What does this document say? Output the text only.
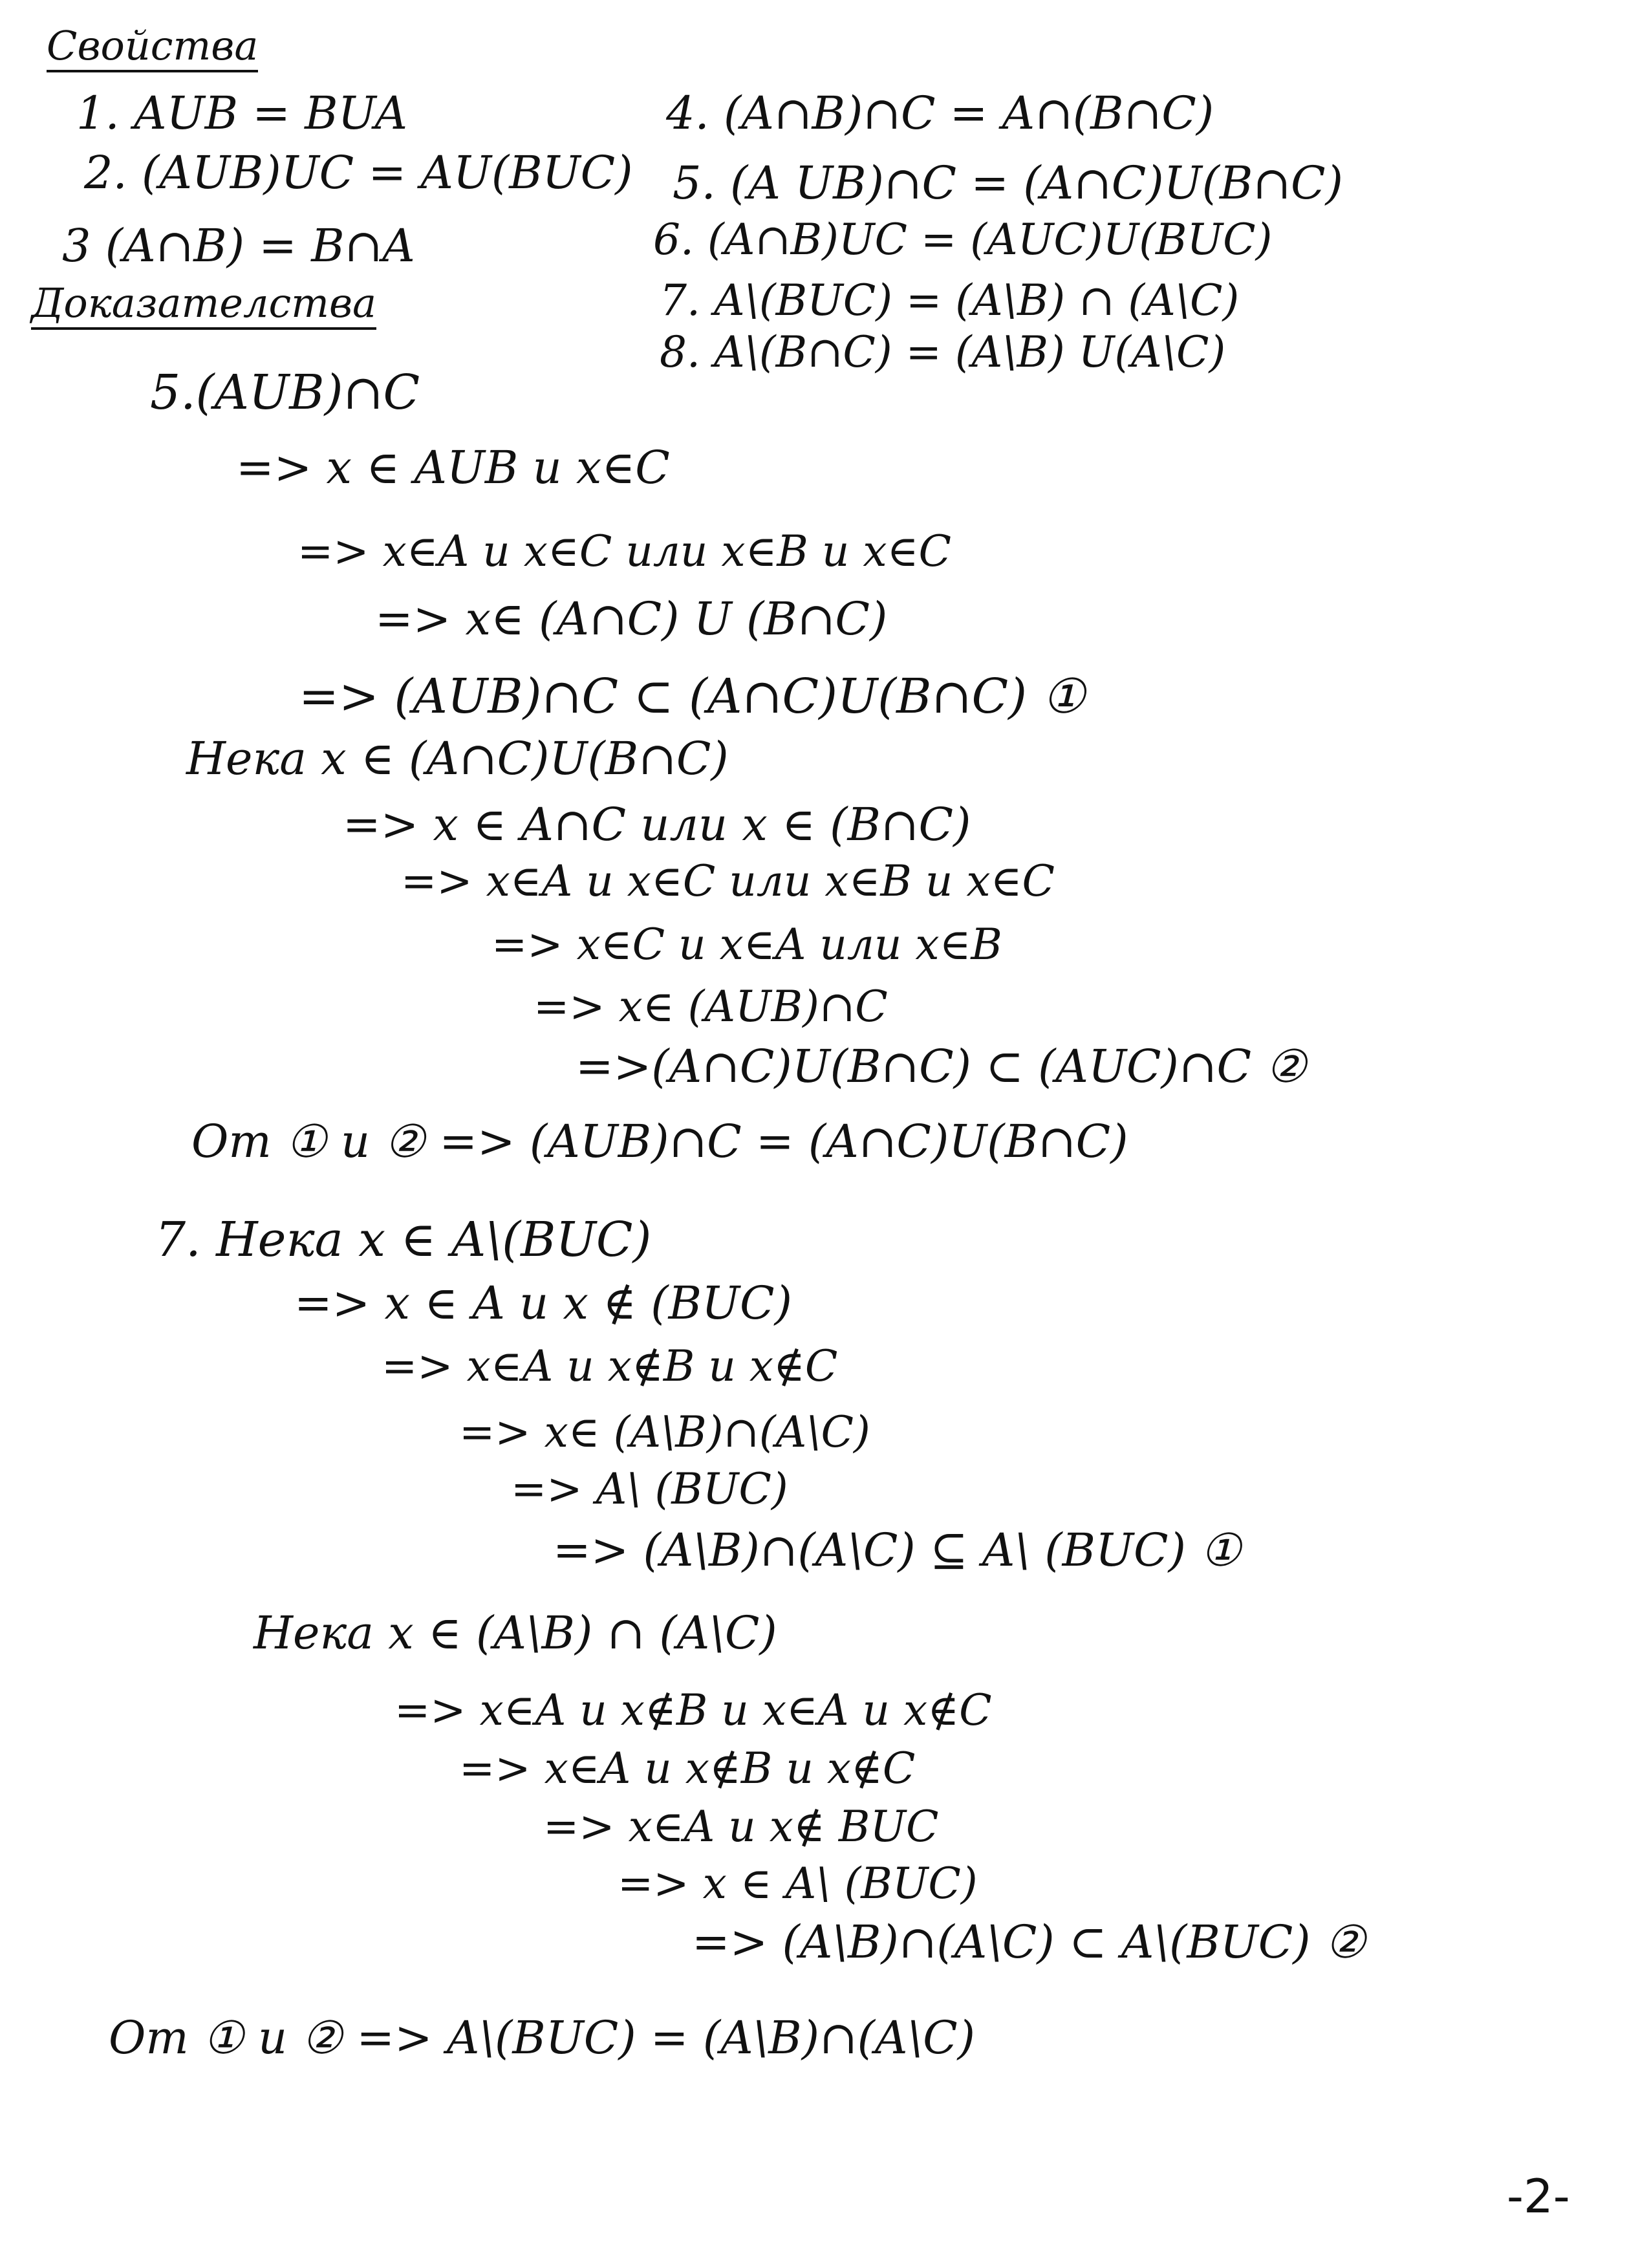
Свойства
Доказателства
1. AUB = BUA
2. (AUB)UC = AU(BUC)
3 (A∩B) = B∩A
4. (A∩B)∩C = A∩(B∩C)
5. (A UB)∩C = (A∩C)U(B∩C)
6. (A∩B)UC = (AUC)U(BUC)
7. A\(BUC) = (A\B) ∩ (A\C)
8. A\(B∩C) = (A\B) U(A\C)
5.(AUB)∩C
=> x ∈ AUB и x∈C
=> x∈A и x∈C или x∈B и x∈C
=> x∈ (A∩C) U (B∩C)
=> (AUB)∩C ⊂ (A∩C)U(B∩C) ①
Нека x ∈ (A∩C)U(B∩C)
=> x ∈ A∩C или x ∈ (B∩C)
=> x∈A и x∈C или x∈B и x∈C
=> x∈C и x∈A или x∈B
=> x∈ (AUB)∩C
=>(A∩C)U(B∩C) ⊂ (AUC)∩C ②
От ① и ② => (AUB)∩C = (A∩C)U(B∩C)
7. Нека x ∈ A\(BUC)
=> x ∈ A и x ∉ (BUC)
=> x∈A и x∉B и x∉C
=> x∈ (A\B)∩(A\C)
=> A\ (BUC)
=> (A\B)∩(A\C) ⊆ A\ (BUC) ①
Нека x ∈ (A\B) ∩ (A\C)
=> x∈A и x∉B и x∈A и x∉C
=> x∈A и x∉B и x∉C
=> x∈A и x∉ BUC
=> x ∈ A\ (BUC)
=> (A\B)∩(A\C) ⊂ A\(BUC) ②
От ① и ② => A\(BUC) = (A\B)∩(A\C)
-2-
